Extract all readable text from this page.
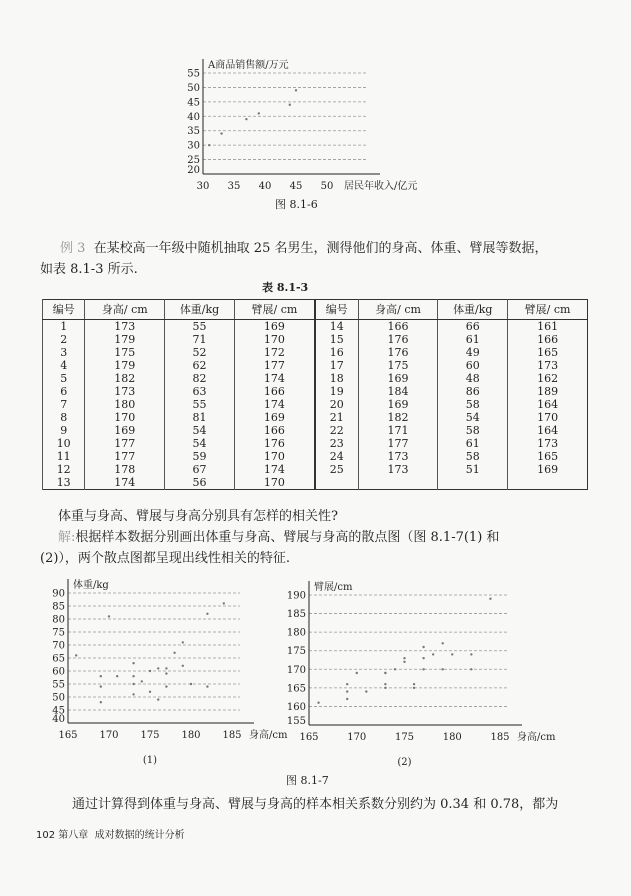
20
25
30
35
40
45
50
55
30 35 40 45 50
A商品销售额/万元
居民年收入/亿元
图 8.1-6
例 3 在某校高一年级中随机抽取 25 名男生，测得他们的身高、体重、臂展等数据，
如表 8.1-3 所示.
表 8.1-3
编号	身高/ cm	体重/kg	臂展/ cm	编号	身高/ cm	体重/kg	臂展/ cm
1	173	55	169	14	166	66	161
2	179	71	170	15	176	61	166
3	175	52	172	16	176	49	165
4	179	62	177	17	175	60	173
5	182	82	174	18	169	48	162
6	173	63	166	19	184	86	189
7	180	55	174	20	169	58	164
8	170	81	169	21	182	54	170
9	169	54	166	22	171	58	164
10	177	54	176	23	177	61	173
11	177	59	170	24	173	58	165
12	178	67	174	25	173	51	169
13	174	56	170				
体重与身高、臂展与身高分别具有怎样的相关性?
解:根据样本数据分别画出体重与身高、臂展与身高的散点图（图 8.1-7(1) 和
(2)），两个散点图都呈现出线性相关的特征.
40
45
50
55
60
65
70
75
80
85
90
165 170 175 180 185
体重/kg
身高/cm
(1)
155
160
165
170
175
180
185
190
165	170	175	180	185
臂展/cm
身高/cm
(2)
图 8.1-7
通过计算得到体重与身高、臂展与身高的样本相关系数分别约为 0.34 和 0.78，都为
102 第八章 成对数据的统计分析
